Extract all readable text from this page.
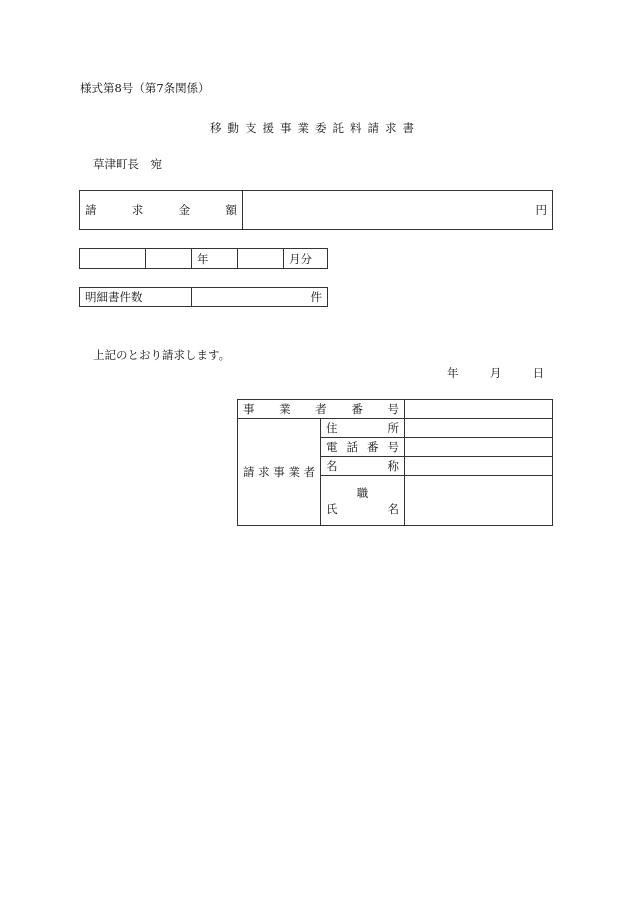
様式第8号（第7条関係）
移動支援事業委託料請求書
草津町長　宛
請	求	金	額	円
		年		月分
明細書件数	件
上記のとおり請求します。
年	月	日
事 業 者 番 号		

請 求 事 業 者	住 所	

	電 話 番 号	

	名 称	

	職
氏 名	
